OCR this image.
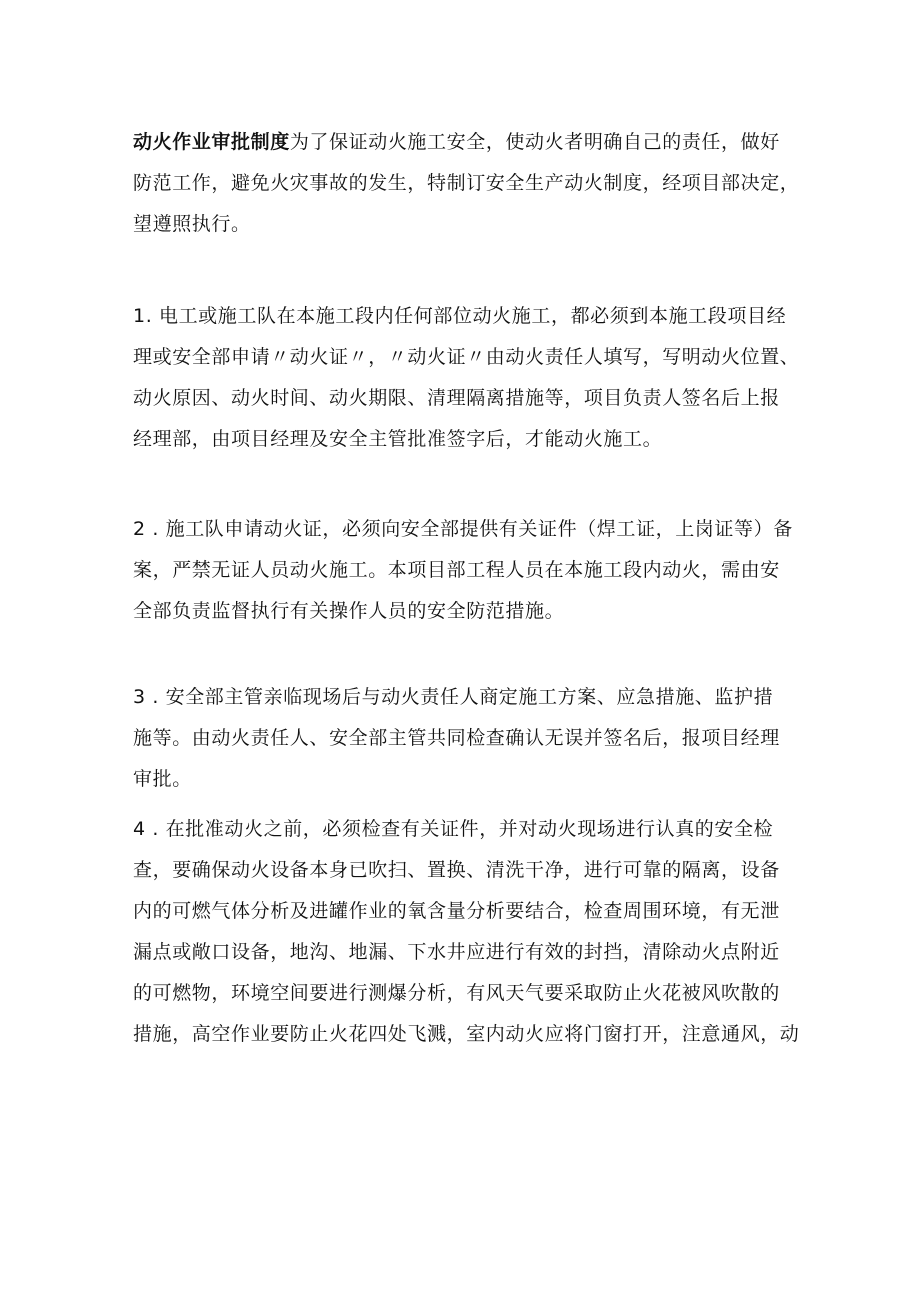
动火作业审批制度为了保证动火施工安全，使动火者明确自己的责任，做好
防范工作，避免火灾事故的发生，特制订安全生产动火制度，经项目部决定，
望遵照执行。

1. 电工或施工队在本施工段内任何部位动火施工，都必须到本施工段项目经
理或安全部申请〃动火证〃，〃动火证〃由动火责任人填写，写明动火位置、
动火原因、动火时间、动火期限、清理隔离措施等，项目负责人签名后上报
经理部，由项目经理及安全主管批准签字后，才能动火施工。

2 . 施工队申请动火证，必须向安全部提供有关证件（焊工证，上岗证等）备
案，严禁无证人员动火施工。本项目部工程人员在本施工段内动火，需由安
全部负责监督执行有关操作人员的安全防范措施。

3 . 安全部主管亲临现场后与动火责任人商定施工方案、应急措施、监护措
施等。由动火责任人、安全部主管共同检查确认无误并签名后，报项目经理
审批。

4 . 在批准动火之前，必须检查有关证件，并对动火现场进行认真的安全检
查，要确保动火设备本身已吹扫、置换、清洗干净，进行可靠的隔离，设备
内的可燃气体分析及进罐作业的氧含量分析要结合，检查周围环境，有无泄
漏点或敞口设备，地沟、地漏、下水井应进行有效的封挡，清除动火点附近
的可燃物，环境空间要进行测爆分析，有风天气要采取防止火花被风吹散的
措施，高空作业要防止火花四处飞溅，室内动火应将门窗打开，注意通风，动
